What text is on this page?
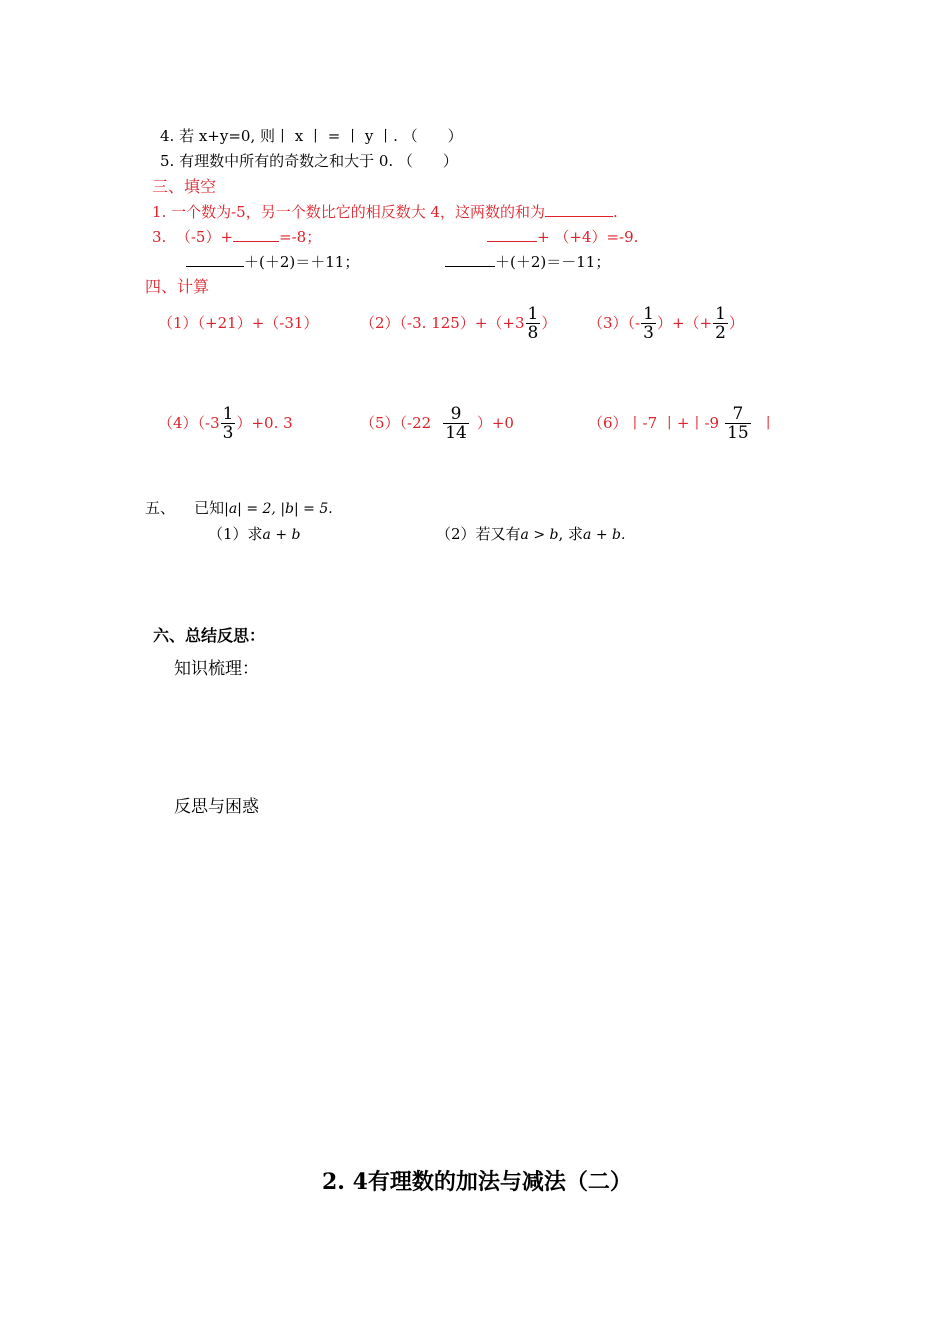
4. 若 x+y=0, 则丨 x 丨 = 丨 y 丨. （　　）
5. 有理数中所有的奇数之和大于 0. （　　）
三、填空
1. 一个数为-5，另一个数比它的相反数大 4，这两数的和为	.
3. （-5）+	=-8；	+ （+4）=-9.
＋(＋2)＝＋11；	＋(＋2)＝－11；
四、计算
（1）（+21）+（-31）	（2）（-3. $125)+(+3 \frac{1}{8}$ ） $(3)(- \frac{1}{3}$ ）+（+ $\frac{1}{2}$ ）
$(4)(-3 \frac{1}{3} )+0$. 3	$(5)(-22 \frac{9}{14} )+0$	（6）丨-7 丨+丨$-9 \frac{7}{15}$ 丨
五、 已知|a| = 2, |b| = 5.
（1）求a + b	（2）若又有a > b, 求a + b.
六、总结反思：
知识梳理：
反思与困惑
2. 4有理数的加法与减法（二）
